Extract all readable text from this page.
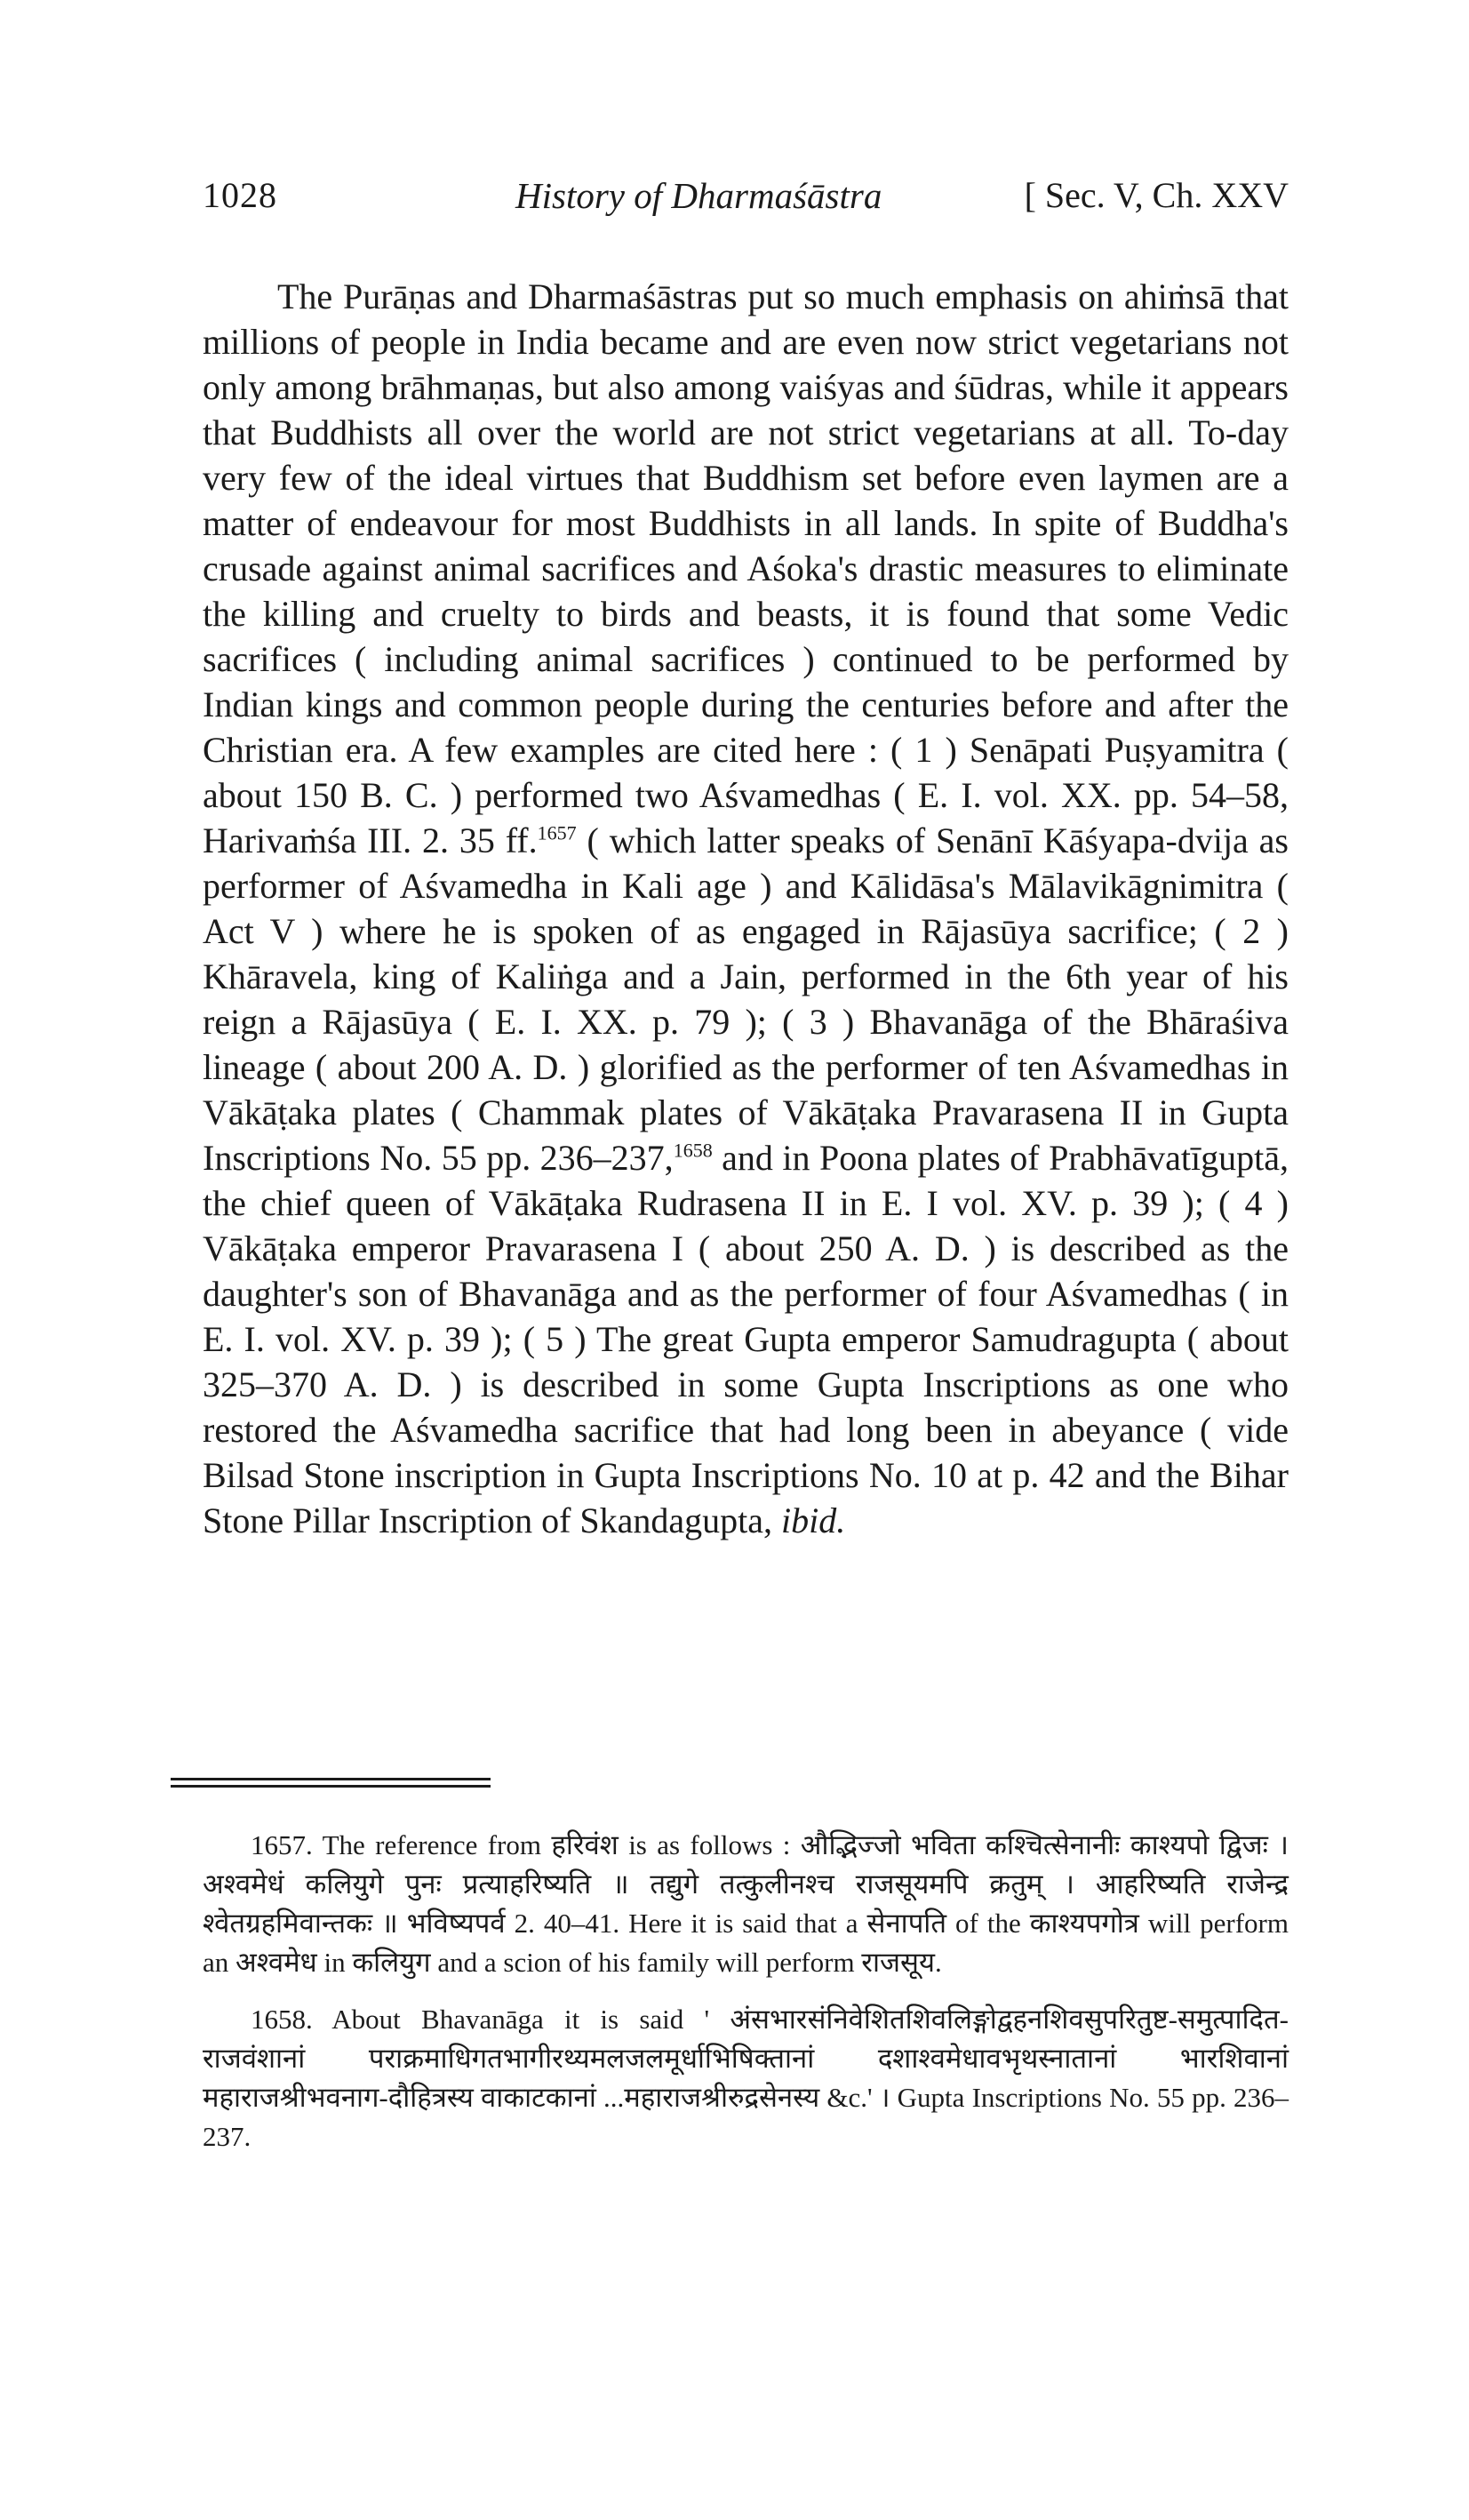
1028	History of Dharmaśāstra	[ Sec. V, Ch. XXV

The Purāṇas and Dharmaśāstras put so much emphasis on ahiṁsā that millions of people in India became and are even now strict vegetarians not only among brāhmaṇas, but also among vaiśyas and śūdras, while it appears that Buddhists all over the world are not strict vegetarians at all. To-day very few of the ideal virtues that Buddhism set before even laymen are a matter of endeavour for most Buddhists in all lands. In spite of Buddha's crusade against animal sacrifices and Aśoka's drastic measures to eliminate the killing and cruelty to birds and beasts, it is found that some Vedic sacrifices ( including animal sacrifices ) continued to be performed by Indian kings and common people during the centuries before and after the Christian era. A few examples are cited here : ( 1 ) Senāpati Puṣyamitra ( about 150 B. C. ) performed two Aśvamedhas ( E. I. vol. XX. pp. 54–58, Harivaṁśa III. 2. 35 ff.$^{1657}$ ( which latter speaks of Senānī Kāśyapa-dvija as performer of Aśvamedha in Kali age ) and Kālidāsa's Mālavikāgnimitra ( Act V ) where he is spoken of as engaged in Rājasūya sacrifice; ( 2 ) Khāravela, king of Kaliṅga and a Jain, performed in the 6th year of his reign a Rājasūya ( E. I. XX. p. 79 ); ( 3 ) Bhavanāga of the Bhāraśiva lineage ( about 200 A. D. ) glorified as the performer of ten Aśvamedhas in Vākāṭaka plates ( Chammak plates of Vākāṭaka Pravarasena II in Gupta Inscriptions No. 55 pp. 236–237,$^{1658}$ and in Poona plates of Prabhāvatīguptā, the chief queen of Vākāṭaka Rudrasena II in E. I vol. XV. p. 39 ); ( 4 ) Vākāṭaka emperor Pravarasena I ( about 250 A. D. ) is described as the daughter's son of Bhavanāga and as the performer of four Aśvamedhas ( in E. I. vol. XV. p. 39 ); ( 5 ) The great Gupta emperor Samudragupta ( about 325–370 A. D. ) is described in some Gupta Inscriptions as one who restored the Aśvamedha sacrifice that had long been in abeyance ( vide Bilsad Stone inscription in Gupta Inscriptions No. 10 at p. 42 and the Bihar Stone Pillar Inscription of Skandagupta, ibid.

1657. The reference from हरिवंश is as follows : औद्भिज्जो भविता कश्चित्सेनानीः काश्यपो द्विजः । अश्वमेधं कलियुगे पुनः प्रत्याहरिष्यति ॥ तद्युगे तत्कुलीनश्च राजसूयमपि क्रतुम् । आहरिष्यति राजेन्द्र श्वेतग्रहमिवान्तकः ॥ भविष्यपर्व 2. 40–41. Here it is said that a सेनापति of the काश्यपगोत्र will perform an अश्वमेध in कलियुग and a scion of his family will perform राजसूय.

1658. About Bhavanāga it is said ' अंसभारसंनिवेशितशिवलिङ्गोद्वहनशिवसुपरितुष्ट-समुत्पादित-राजवंशानां पराक्रमाधिगतभागीरथ्यमलजलमूर्धाभिषिक्तानां दशाश्वमेधावभृथस्नातानां भारशिवानां महाराजश्रीभवनाग-दौहित्रस्य वाकाटकानां ...महाराजश्रीरुद्रसेनस्य &c.' । Gupta Inscriptions No. 55 pp. 236–237.
